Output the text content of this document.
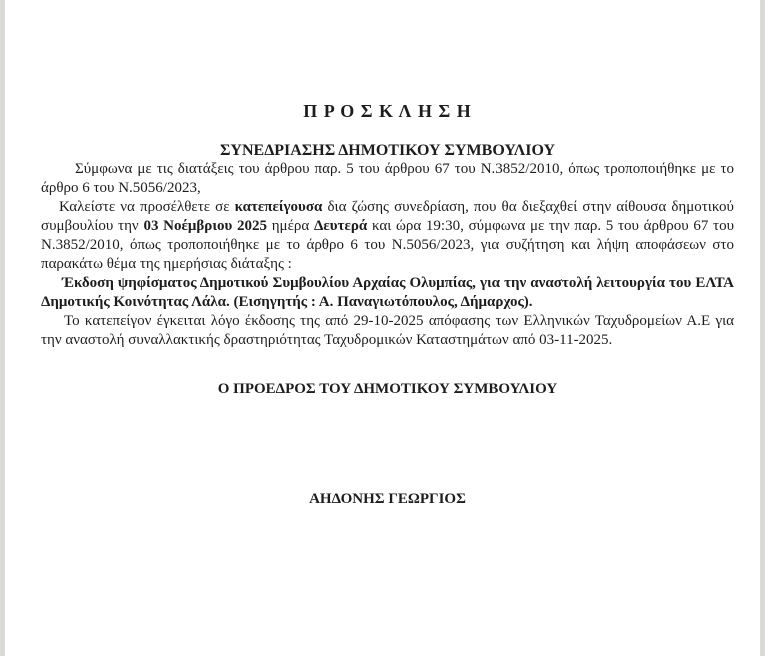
Π Ρ Ο Σ Κ Λ Η Σ Η
ΣΥΝΕΔΡΙΑΣΗΣ ΔΗΜΟΤΙΚΟΥ ΣΥΜΒΟΥΛΙΟΥ

Σύμφωνα με τις διατάξεις του άρθρου παρ. 5 του άρθρου 67 του Ν.3852/2010, όπως τροποποιήθηκε με το άρθρο 6 του Ν.5056/2023,

Καλείστε να προσέλθετε σε κατεπείγουσα δια ζώσης συνεδρίαση, που θα διεξαχθεί στην αίθουσα δημοτικού συμβουλίου την 03 Νοέμβριου 2025 ημέρα Δευτερά και ώρα 19:30, σύμφωνα με την παρ. 5 του άρθρου 67 του Ν.3852/2010, όπως τροποποιήθηκε με το άρθρο 6 του Ν.5056/2023, για συζήτηση και λήψη αποφάσεων στο παρακάτω θέμα της ημερήσιας διάταξης :

Έκδοση ψηφίσματος Δημοτικού Συμβουλίου Αρχαίας Ολυμπίας, για την αναστολή λειτουργία του ΕΛΤΑ Δημοτικής Κοινότητας Λάλα. (Εισηγητής : Α. Παναγιωτόπουλος, Δήμαρχος).

Το κατεπείγον έγκειται λόγο έκδοσης της από 29-10-2025 απόφασης των Ελληνικών Ταχυδρομείων Α.Ε για την αναστολή συναλλακτικής δραστηριότητας Ταχυδρομικών Καταστημάτων από 03-11-2025.

Ο ΠΡΟΕΔΡΟΣ ΤΟΥ ΔΗΜΟΤΙΚΟΥ ΣΥΜΒΟΥΛΙΟΥ
ΑΗΔΟΝΗΣ ΓΕΩΡΓΙΟΣ
